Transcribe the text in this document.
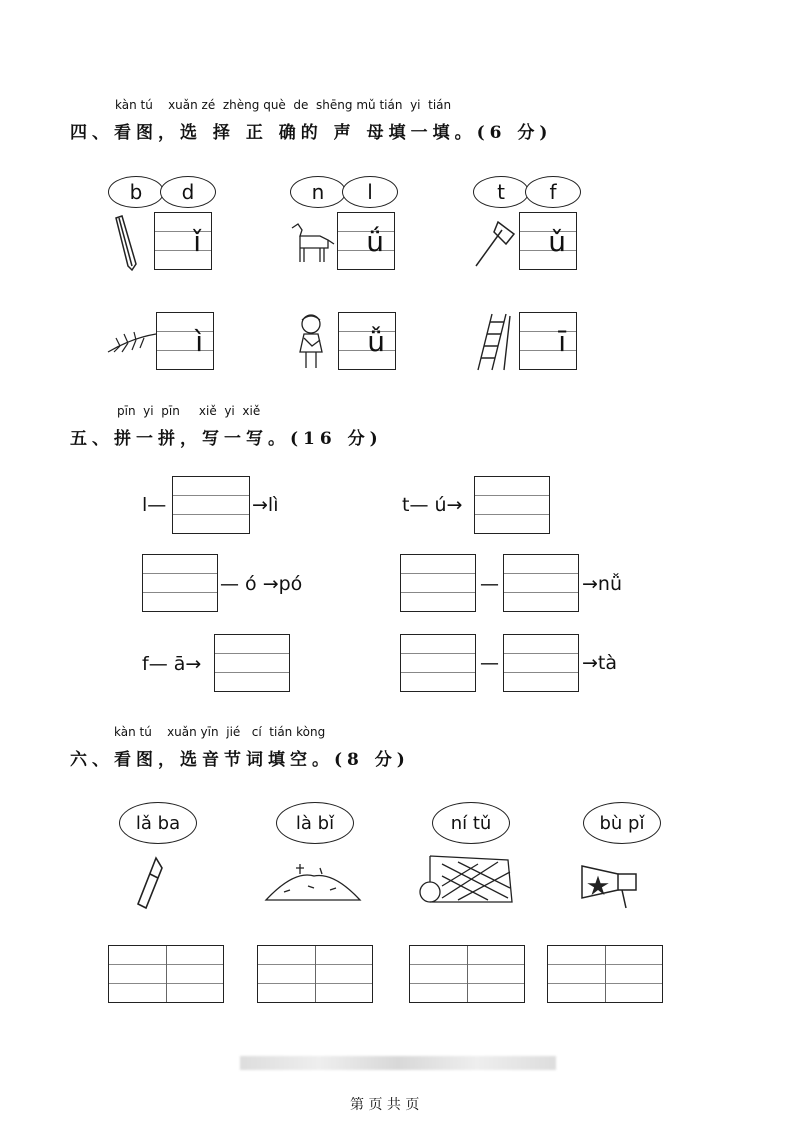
kàn tú    xuǎn zé  zhèng què  de  shēng mǔ tián  yi  tián
四、看图，选 择 正 确的 声 母填一填。(6 分)
b	d
ǐ
n	l
ǘ
t	f
ǔ
ì	ǚ	ī
pīn  yi  pīn     xiě  yi  xiě
五、拼一拼，写一写。(16 分)
l—	→lì	t— ú→
— ó →pó	—	→nǚ
f— ā→	—	→tà
kàn tú    xuǎn yīn  jié   cí  tián kòng
六、看图，选音节词填空。(8 分)
lǎ ba	là bǐ	ní tǔ	bù pǐ
第 页 共 页
